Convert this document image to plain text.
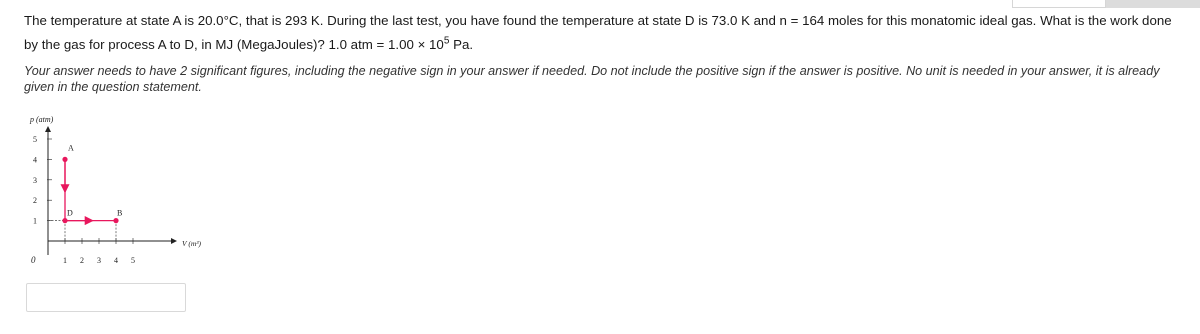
The temperature at state A is 20.0°C, that is 293 K. During the last test, you have found the temperature at state D is 73.0 K and n = 164 moles for this monatomic ideal gas. What is the work done by the gas for process A to D, in MJ (MegaJoules)? 1.0 atm = $1.00 \times 10^5$ Pa.
Your answer needs to have 2 significant figures, including the negative sign in your answer if needed. Do not include the positive sign if the answer is positive. No unit is needed in your answer, it is already given in the question statement.
p (atm)
V (m³)
0	1 2 3 4 5
1
2
3
4
5
A
D	B
